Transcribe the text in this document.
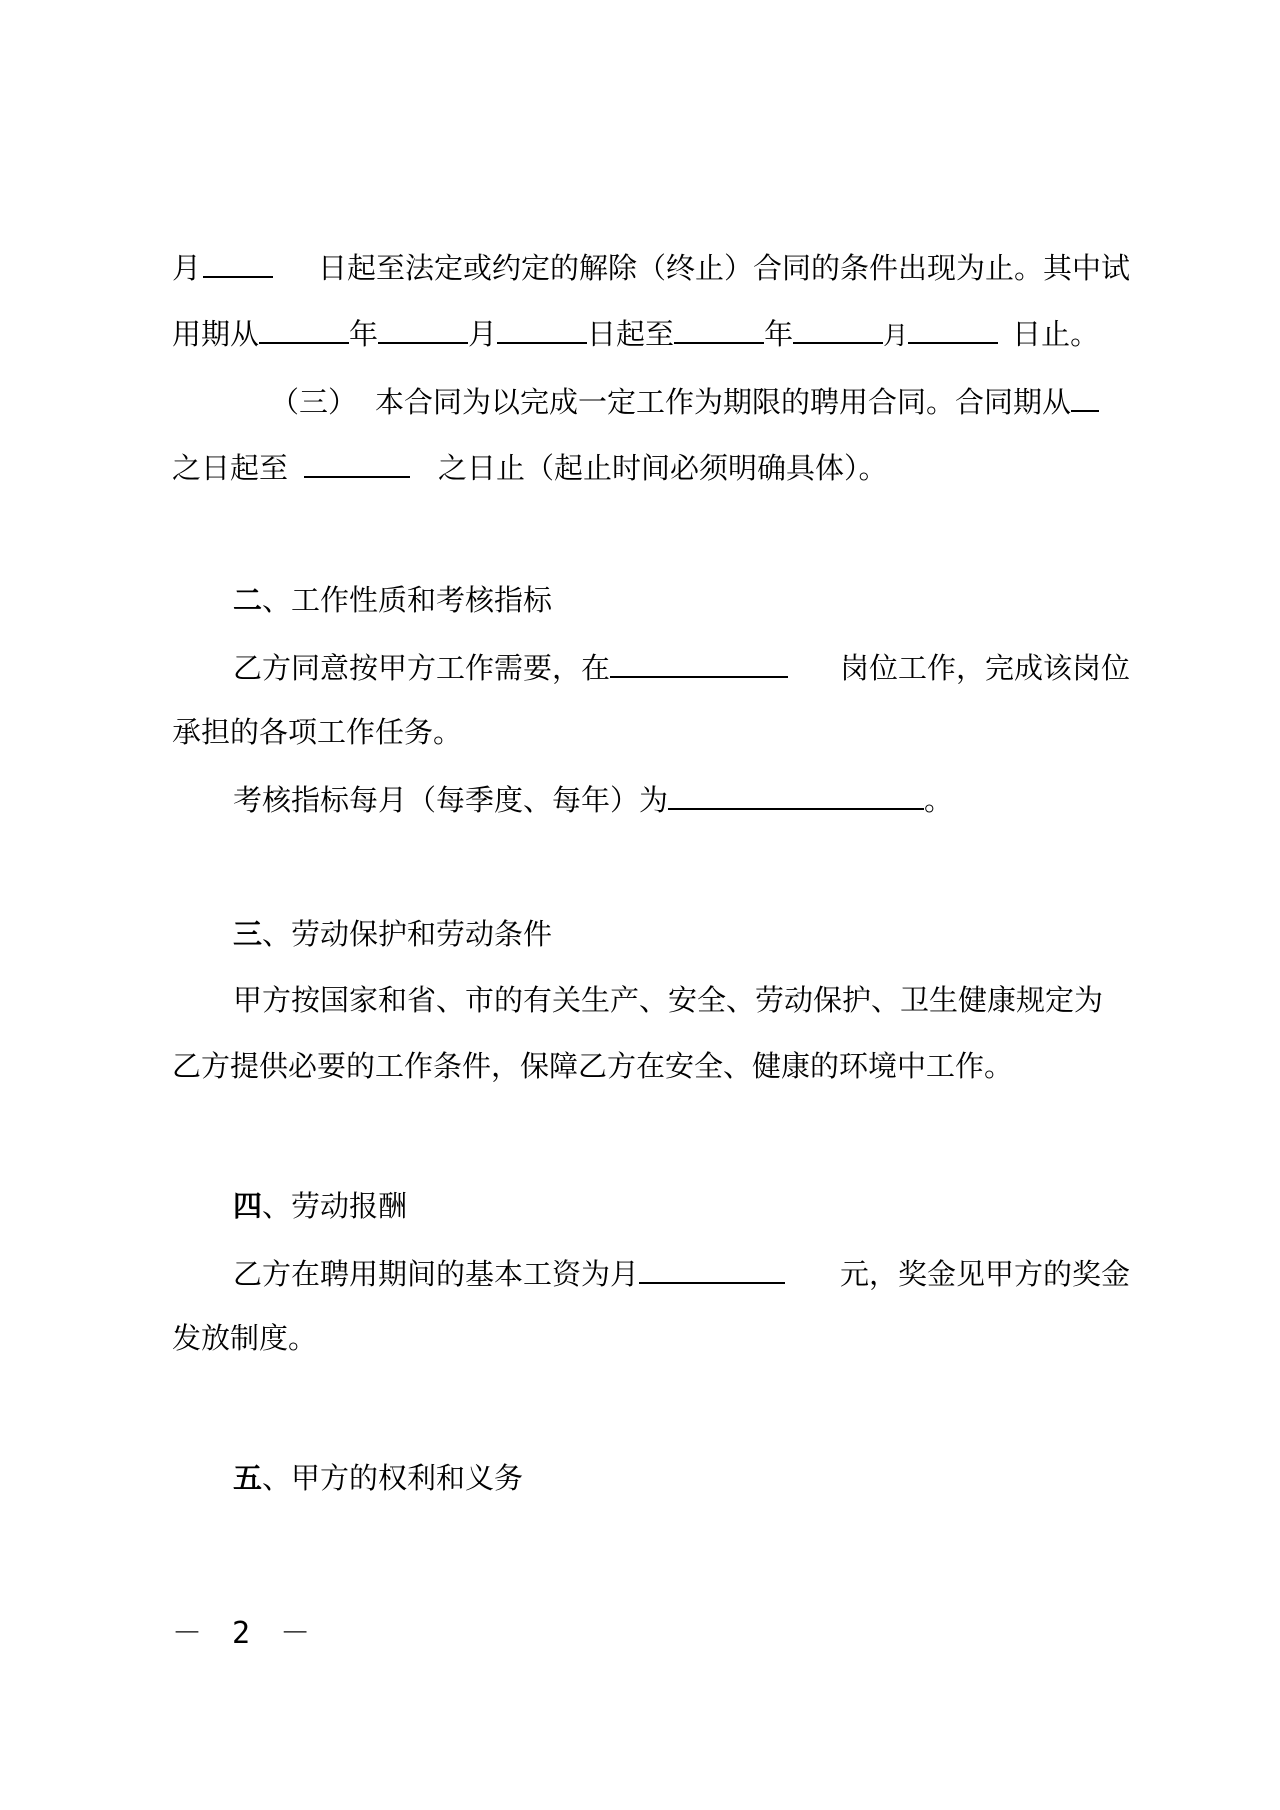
月	日起至法定或约定的解除（终止）合同的条件出现为止。其中试
用期从	年	月	日起至	年	月	日止。
（三） 本合同为以完成一定工作为期限的聘用合同。合同期从
之日起至	之日止（起止时间必须明确具体）。
二 、工作性质和考核指标
乙方同意按甲方工作需要，在	岗位工作，完成该岗位
承担的各项工作任务。
考核指标每月（每季度、每年）为	。
三 、劳动保护和劳动条件
甲方按国家和省、市的有关生产、安全、劳动保护、卫生健康规定为
乙方提供必要的工作条件，保障乙方在安全、健康的环境中工作。
四 、劳动报酬
乙方在聘用期间的基本工资为月	元，奖金见甲方的奖金
发放制度。
五 、甲方的权利和义务
－ 2 －
